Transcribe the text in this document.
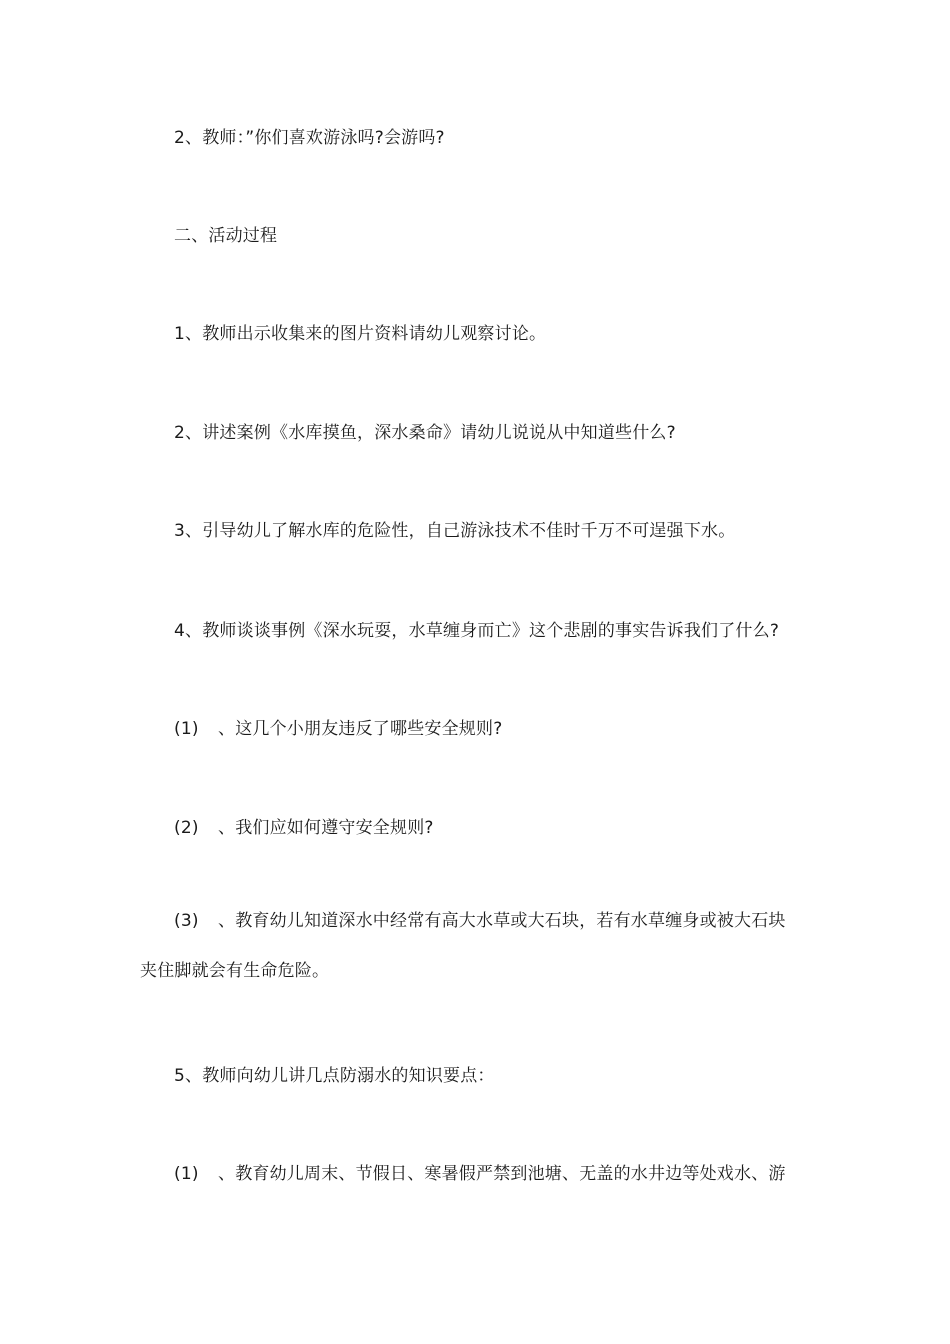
2、教师：”你们喜欢游泳吗?会游吗?
二、活动过程
1、教师出示收集来的图片资料请幼儿观察讨论。
2、讲述案例《水库摸鱼，深水桑命》请幼儿说说从中知道些什么?
3、引导幼儿了解水库的危险性，自己游泳技术不佳时千万不可逞强下水。
4、教师谈谈事例《深水玩耍，水草缠身而亡》这个悲剧的事实告诉我们了什么?
(1) 、这几个小朋友违反了哪些安全规则?
(2) 、我们应如何遵守安全规则?
(3) 、教育幼儿知道深水中经常有高大水草或大石块，若有水草缠身或被大石块
夹住脚就会有生命危险。
5、教师向幼儿讲几点防溺水的知识要点：
(1) 、教育幼儿周末、节假日、寒暑假严禁到池塘、无盖的水井边等处戏水、游
